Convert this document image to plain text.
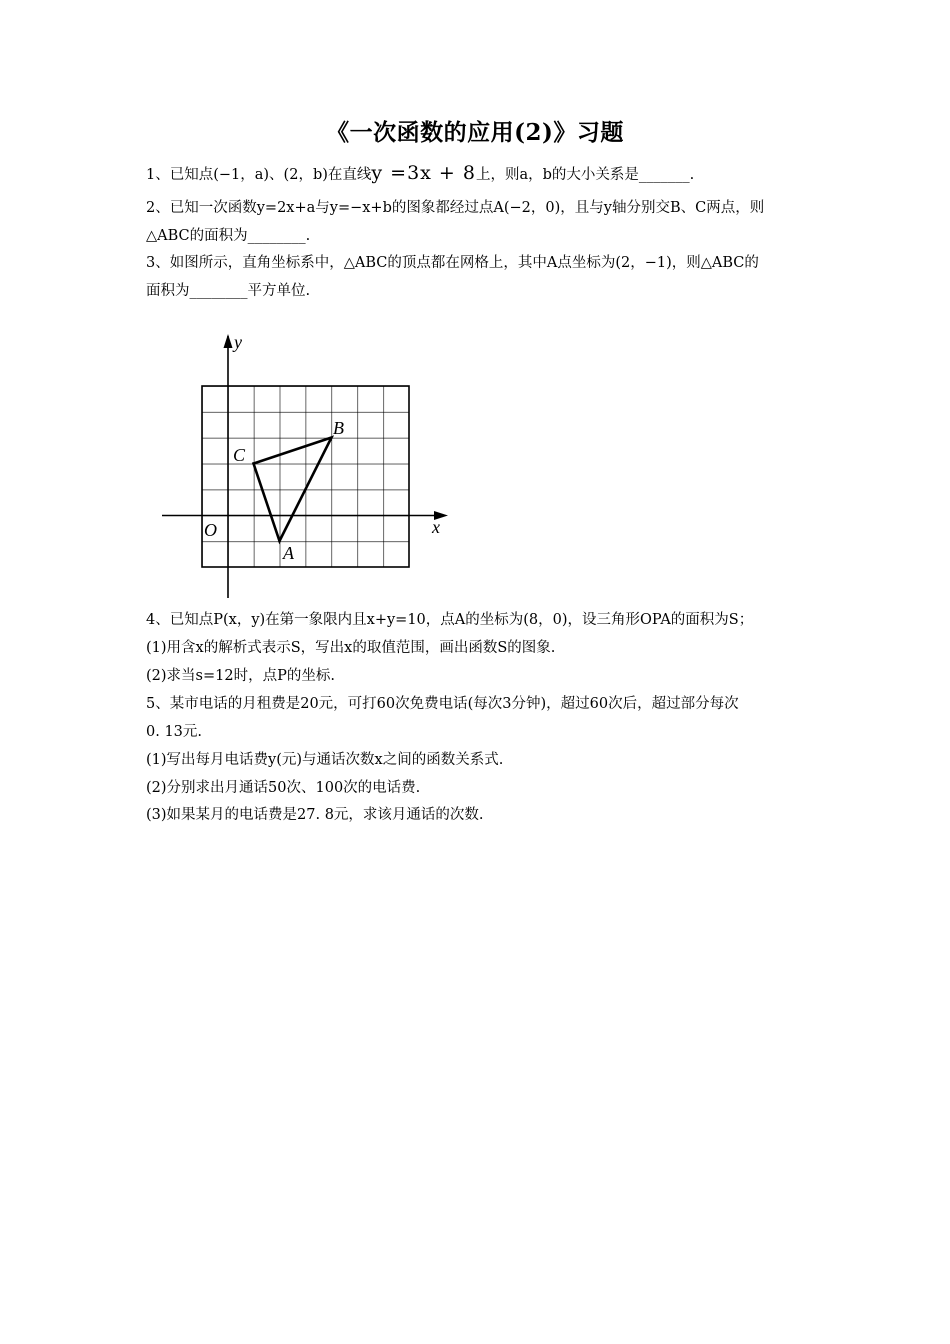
《一次函数的应用(2)》习题
1、已知点(−1，a)、(2，b)在直线y =3x + 8上，则a，b的大小关系是_______.
2、已知一次函数y=2x+a与y=−x+b的图象都经过点A(−2，0)，且与y轴分别交B、C两点，则
△ABC的面积为________.
3、如图所示，直角坐标系中，△ABC的顶点都在网格上，其中A点坐标为(2，−1)，则△ABC的
面积为________平方单位.
y
x
O
A
B
C
4、已知点P(x，y)在第一象限内且x+y=10，点A的坐标为(8，0)，设三角形OPA的面积为S；
(1)用含x的解析式表示S，写出x的取值范围，画出函数S的图象.
(2)求当s=12时，点P的坐标.
5、某市电话的月租费是20元，可打60次免费电话(每次3分钟)，超过60次后，超过部分每次
0. 13元.
(1)写出每月电话费y(元)与通话次数x之间的函数关系式.
(2)分别求出月通话50次、100次的电话费.
(3)如果某月的电话费是27. 8元，求该月通话的次数.
